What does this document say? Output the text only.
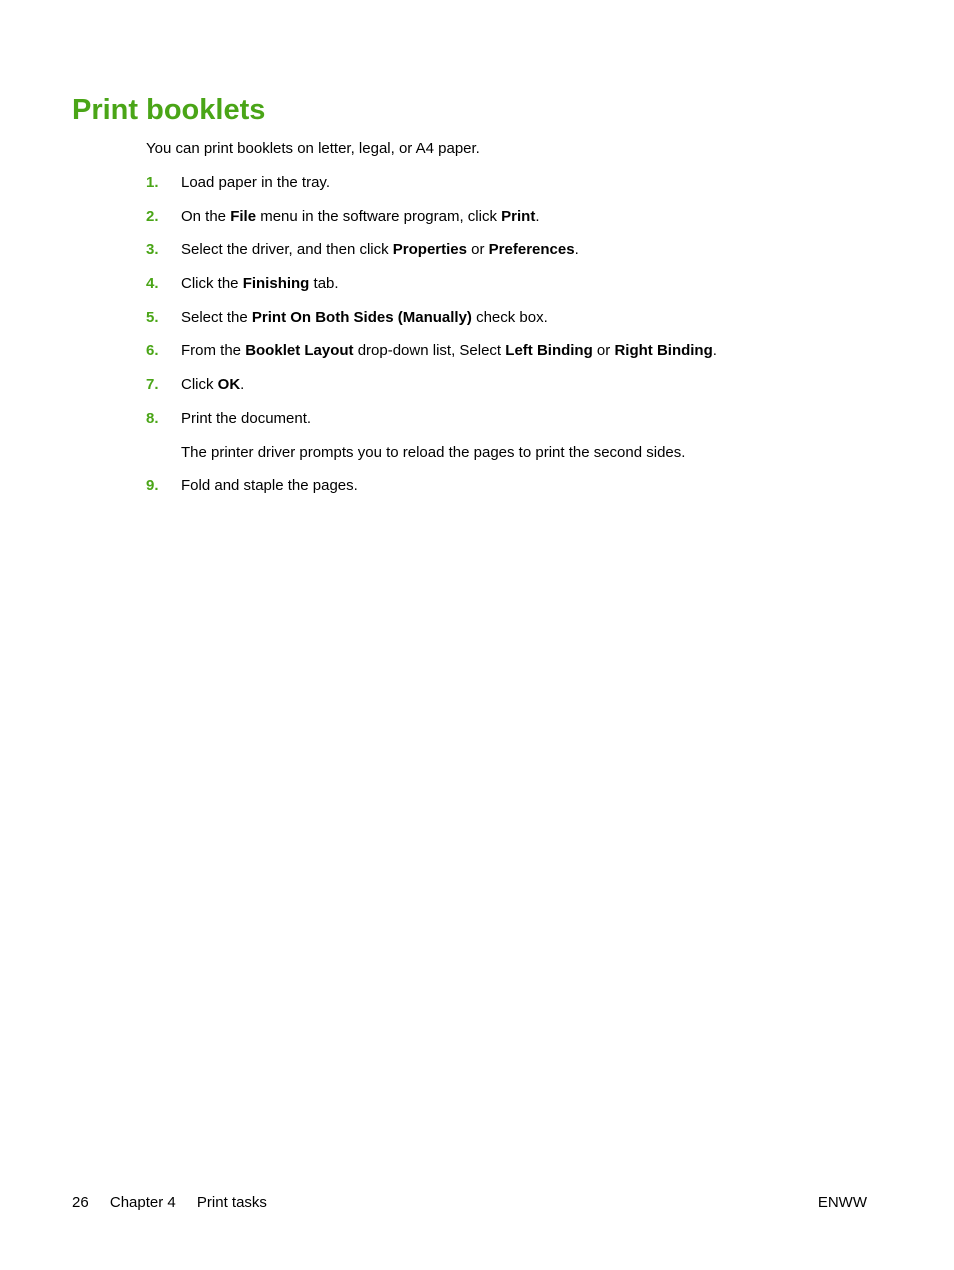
Print booklets

You can print booklets on letter, legal, or A4 paper.

1. Load paper in the tray.
2. On the File menu in the software program, click Print.
3. Select the driver, and then click Properties or Preferences.
4. Click the Finishing tab.
5. Select the Print On Both Sides (Manually) check box.
6. From the Booklet Layout drop-down list, Select Left Binding or Right Binding.
7. Click OK.
8. Print the document.
The printer driver prompts you to reload the pages to print the second sides.
9. Fold and staple the pages.
26 Chapter 4 Print tasks	ENWW
